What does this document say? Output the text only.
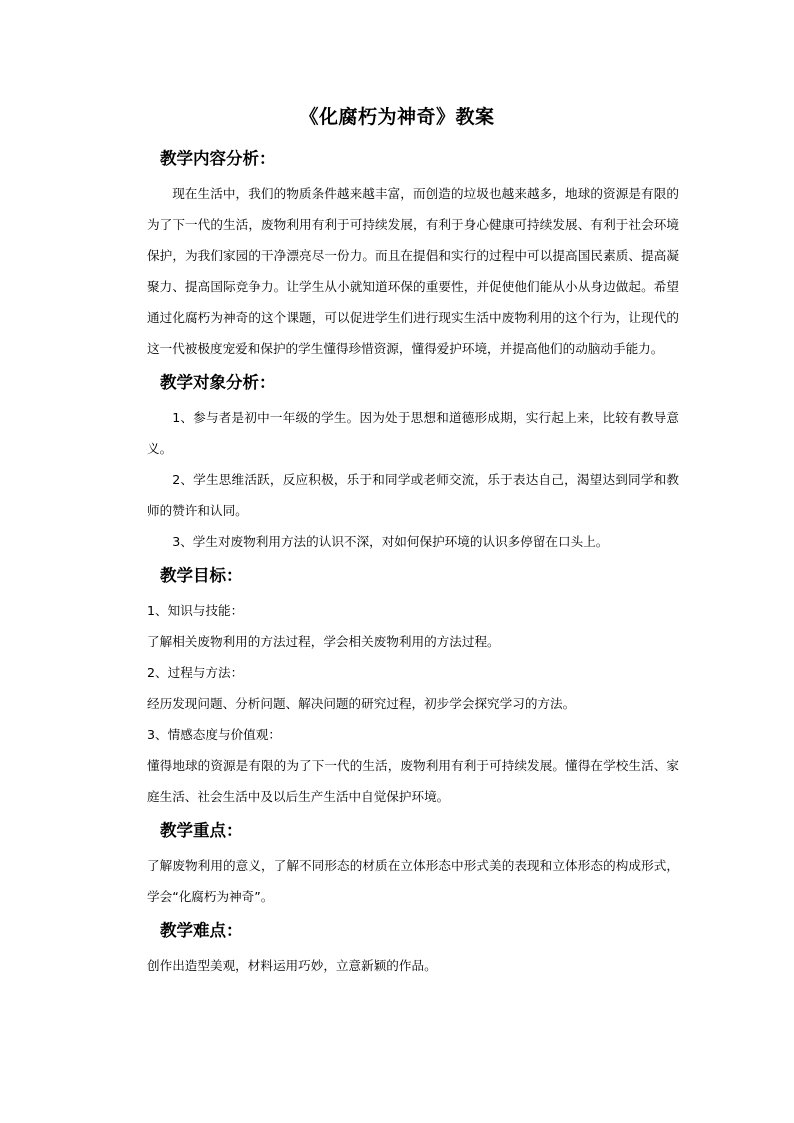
《化腐朽为神奇》教案
教学内容分析：

现在生活中，我们的物质条件越来越丰富，而创造的垃圾也越来越多，地球的资源是有限的为了下一代的生活，废物利用有利于可持续发展，有利于身心健康可持续发展、有利于社会环境保护，为我们家园的干净漂亮尽一份力。而且在提倡和实行的过程中可以提高国民素质、提高凝聚力、提高国际竞争力。让学生从小就知道环保的重要性，并促使他们能从小从身边做起。希望通过化腐朽为神奇的这个课题，可以促进学生们进行现实生活中废物利用的这个行为，让现代的这一代被极度宠爱和保护的学生懂得珍惜资源，懂得爱护环境，并提高他们的动脑动手能力。

教学对象分析：

1、参与者是初中一年级的学生。因为处于思想和道德形成期，实行起上来，比较有教导意义。

2、学生思维活跃，反应积极，乐于和同学或老师交流，乐于表达自己，渴望达到同学和教师的赞许和认同。

3、学生对废物利用方法的认识不深，对如何保护环境的认识多停留在口头上。

教学目标：

1、知识与技能：

了解相关废物利用的方法过程，学会相关废物利用的方法过程。

2、过程与方法：

经历发现问题、分析问题、解决问题的研究过程，初步学会探究学习的方法。

3、情感态度与价值观：

懂得地球的资源是有限的为了下一代的生活，废物利用有利于可持续发展。懂得在学校生活、家庭生活、社会生活中及以后生产生活中自觉保护环境。

教学重点：

了解废物利用的意义，了解不同形态的材质在立体形态中形式美的表现和立体形态的构成形式，学会“化腐朽为神奇”。

教学难点：

创作出造型美观，材料运用巧妙，立意新颖的作品。
